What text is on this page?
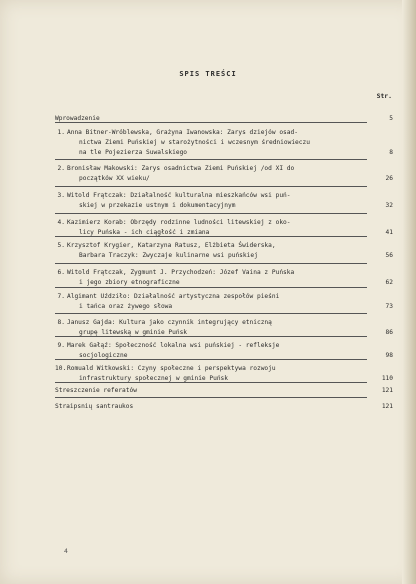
SPIS TREŚCI
Str.
Wprowadzenie	5
1. Anna Bitner-Wróblewska, Grażyna Iwanowska: Zarys dziejów osad-
nictwa Ziemi Puńskiej w starożytności i wczesnym średniowieczu
na tle Pojezierza Suwalskiego	8
2. Bronisław Makowski: Zarys osadnictwa Ziemi Puńskiej /od XI do
początków XX wieku/	26
3. Witold Frątczak: Działalność kulturalna mieszkańców wsi puń-
skiej w przekazie ustnym i dokumentacyjnym	32
4. Kazimierz Korab: Obrzędy rodzinne ludności litewskiej z oko-
licy Puńska - ich ciągłość i zmiana	41
5. Krzysztof Krygier, Katarzyna Ratusz, Elżbieta Świderska,
Barbara Traczyk: Zwyczaje kulinarne wsi puńskiej	56
6. Witold Frątczak, Zygmunt J. Przychodzeń: Józef Vaina z Puńska
i jego zbiory etnograficzne	62
7. Algimant Uździło: Działalność artystyczna zespołów pieśni
i tańca oraz żywego słowa	73
8. Janusz Gajda: Kultura jako czynnik integrujący etniczną
grupę litewską w gminie Puńsk	86
9. Marek Gałąź: Społeczność lokalna wsi puńskiej - refleksje
socjologiczne	98
10. Romuald Witkowski: Czyny społeczne i perspektywa rozwoju
infrastruktury społecznej w gminie Puńsk	110
Streszczenie referatów	121
Straipsnių santraukos	121
4
